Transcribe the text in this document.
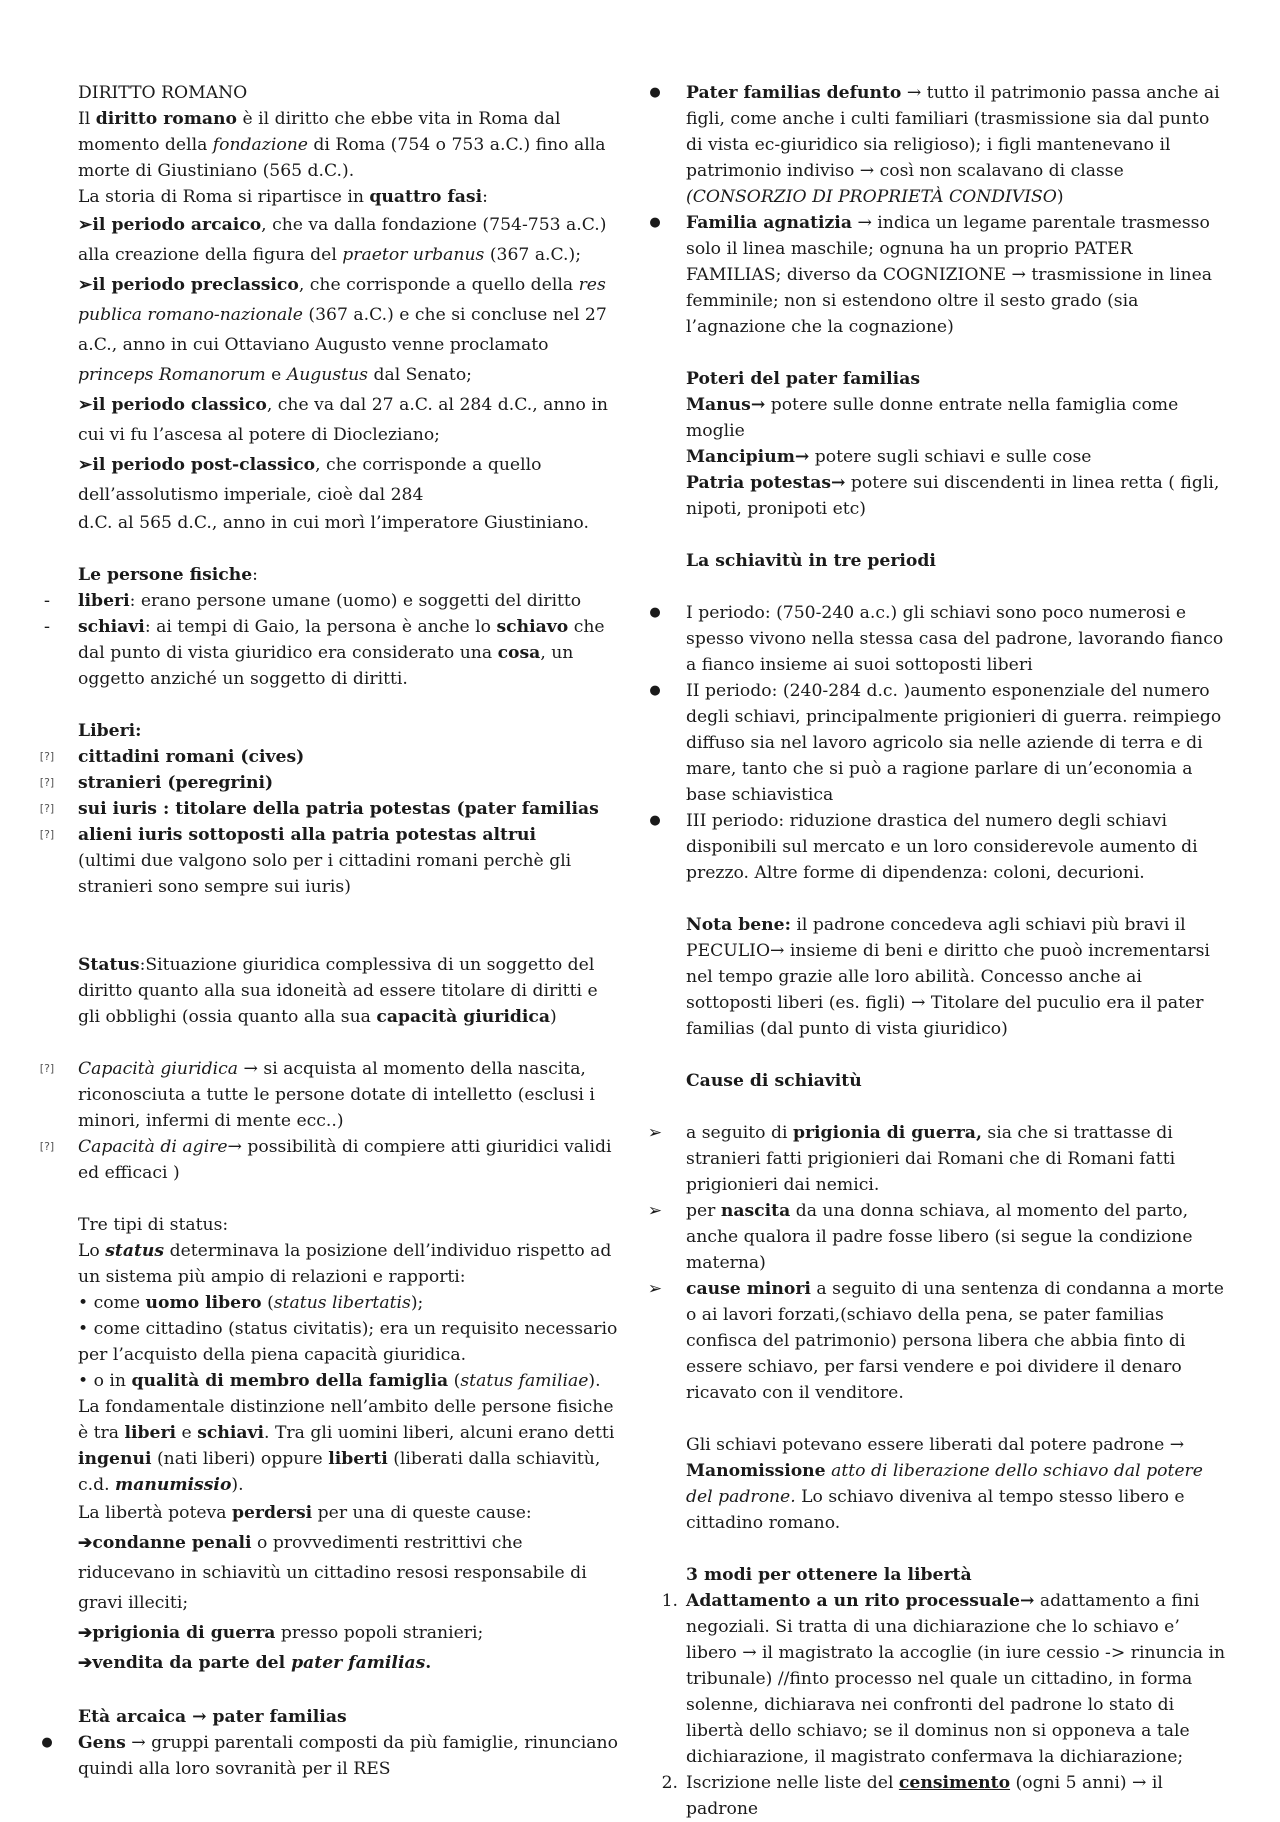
DIRITTO ROMANO

Il diritto romano è il diritto che ebbe vita in Roma dal momento della fondazione di Roma (754 o 753 a.C.) fino alla morte di Giustiniano (565 d.C.).

La storia di Roma si ripartisce in quattro fasi:

➢il periodo arcaico, che va dalla fondazione (754-753 a.C.) alla creazione della figura del praetor urbanus (367 a.C.);

➢il periodo preclassico, che corrisponde a quello della res publica romano-nazionale (367 a.C.) e che si concluse nel 27 a.C., anno in cui Ottaviano Augusto venne proclamato princeps Romanorum e Augustus dal Senato;

➢il periodo classico, che va dal 27 a.C. al 284 d.C., anno in cui vi fu l’ascesa al potere di Diocleziano;

➢il periodo post-classico, che corrisponde a quello dell’assolutismo imperiale, cioè dal 284

d.C. al 565 d.C., anno in cui morì l’imperatore Giustiniano.

Le persone fisiche:

-	liberi: erano persone umane (uomo) e soggetti del diritto
-	schiavi: ai tempi di Gaio, la persona è anche lo schiavo che dal punto di vista giuridico era considerato una cosa, un oggetto anziché un soggetto di diritti.

Liberi:

[?]	cittadini romani (cives)
[?]	stranieri (peregrini)
[?]	sui iuris : titolare della patria potestas (pater familias
[?]	alieni iuris sottoposti alla patria potestas altrui

(ultimi due valgono solo per i cittadini romani perchè gli stranieri sono sempre sui iuris)

Status:Situazione giuridica complessiva di un soggetto del diritto quanto alla sua idoneità ad essere titolare di diritti e gli obblighi (ossia quanto alla sua capacità giuridica)

[?]	Capacità giuridica → si acquista al momento della nascita, riconosciuta a tutte le persone dotate di intelletto (esclusi i minori, infermi di mente ecc..)
[?]	Capacità di agire→ possibilità di compiere atti giuridici validi ed efficaci )

Tre tipi di status:

Lo status determinava la posizione dell’individuo rispetto ad un sistema più ampio di relazioni e rapporti:

• come uomo libero (status libertatis);

• come cittadino (status civitatis); era un requisito necessario per l’acquisto della piena capacità giuridica.

• o in qualità di membro della famiglia (status familiae).

La fondamentale distinzione nell’ambito delle persone fisiche è tra liberi e schiavi. Tra gli uomini liberi, alcuni erano detti ingenui (nati liberi) oppure liberti (liberati dalla schiavitù, c.d. manumissio).

La libertà poteva perdersi per una di queste cause:

➔condanne penali o provvedimenti restrittivi che riducevano in schiavitù un cittadino resosi responsabile di gravi illeciti;

➔prigionia di guerra presso popoli stranieri;

➔vendita da parte del pater familias.

Età arcaica → pater familias

●	Gens → gruppi parentali composti da più famiglie, rinunciano quindi alla loro sovranità per il RES
●	Pater familias defunto → tutto il patrimonio passa anche ai figli, come anche i culti familiari (trasmissione sia dal punto di vista ec-giuridico sia religioso); i figli mantenevano il patrimonio indiviso → così non scalavano di classe (CONSORZIO DI PROPRIETÀ CONDIVISO)
●	Familia agnatizia → indica un legame parentale trasmesso solo il linea maschile; ognuna ha un proprio PATER FAMILIAS; diverso da COGNIZIONE → trasmissione in linea femminile; non si estendono oltre il sesto grado (sia l’agnazione che la cognazione)

Poteri del pater familias

Manus→ potere sulle donne entrate nella famiglia come moglie

Mancipium→ potere sugli schiavi e sulle cose

Patria potestas→ potere sui discendenti in linea retta ( figli, nipoti, pronipoti etc)

La schiavitù in tre periodi

●	I periodo: (750-240 a.c.) gli schiavi sono poco numerosi e spesso vivono nella stessa casa del padrone, lavorando fianco a fianco insieme ai suoi sottoposti liberi
●	II periodo: (240-284 d.c. )aumento esponenziale del numero degli schiavi, principalmente prigionieri di guerra. reimpiego diffuso sia nel lavoro agricolo sia nelle aziende di terra e di mare, tanto che si può a ragione parlare di un’economia a base schiavistica
●	III periodo: riduzione drastica del numero degli schiavi disponibili sul mercato e un loro considerevole aumento di prezzo. Altre forme di dipendenza: coloni, decurioni.

Nota bene: il padrone concedeva agli schiavi più bravi il PECULIO→ insieme di beni e diritto che puoò incrementarsi nel tempo grazie alle loro abilità. Concesso anche ai sottoposti liberi (es. figli) → Titolare del puculio era il pater familias (dal punto di vista giuridico)

Cause di schiavitù

➢	a seguito di prigionia di guerra, sia che si trattasse di stranieri fatti prigionieri dai Romani che di Romani fatti prigionieri dai nemici.
➢	per nascita da una donna schiava, al momento del parto, anche qualora il padre fosse libero (si segue la condizione materna)
➢	cause minori a seguito di una sentenza di condanna a morte o ai lavori forzati,(schiavo della pena, se pater familias confisca del patrimonio) persona libera che abbia finto di essere schiavo, per farsi vendere e poi dividere il denaro ricavato con il venditore.

Gli schiavi potevano essere liberati dal potere padrone → Manomissione atto di liberazione dello schiavo dal potere del padrone. Lo schiavo diveniva al tempo stesso libero e cittadino romano.

3 modi per ottenere la libertà

1. Adattamento a un rito processuale→ adattamento a fini negoziali. Si tratta di una dichiarazione che lo schiavo e’ libero → il magistrato la accoglie (in iure cessio -> rinuncia in tribunale) //finto processo nel quale un cittadino, in forma solenne, dichiarava nei confronti del padrone lo stato di libertà dello schiavo; se il dominus non si opponeva a tale dichiarazione, il magistrato confermava la dichiarazione;
2. Iscrizione nelle liste del censimento (ogni 5 anni) → il padrone
